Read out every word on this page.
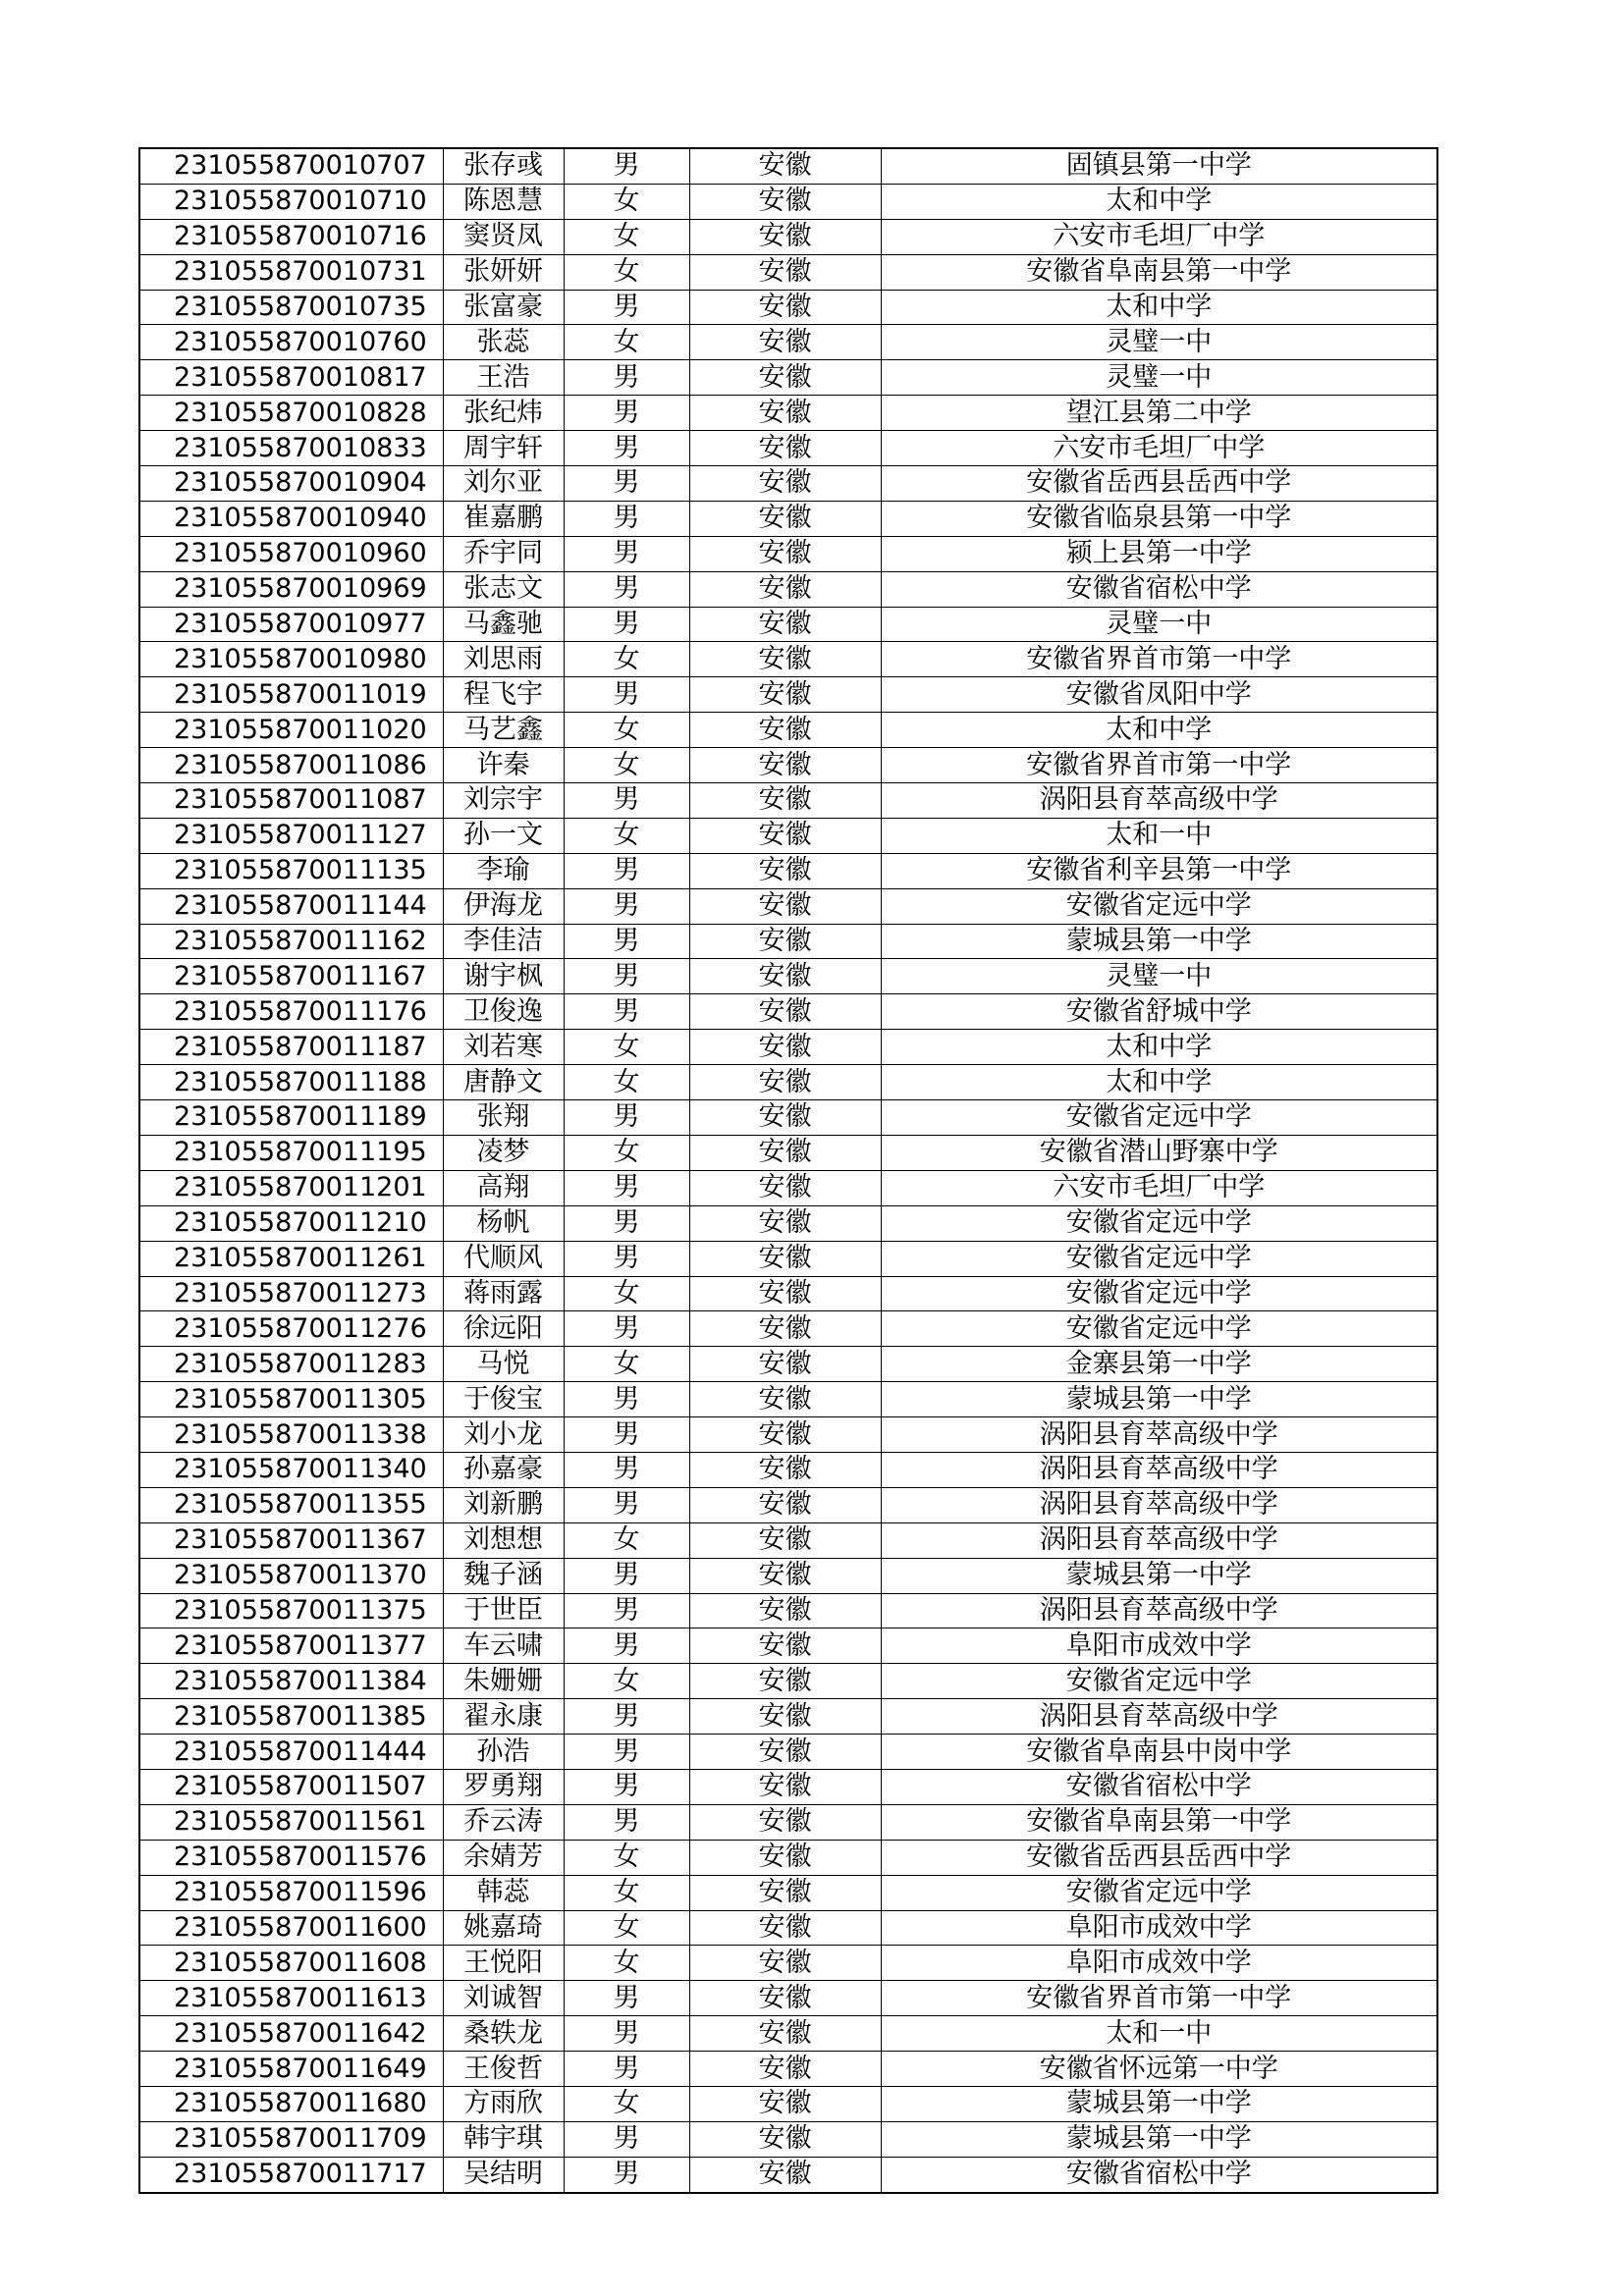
231055870010707	张存彧	男	安徽	固镇县第一中学
231055870010710	陈恩慧	女	安徽	太和中学
231055870010716	窦贤凤	女	安徽	六安市毛坦厂中学
231055870010731	张妍妍	女	安徽	安徽省阜南县第一中学
231055870010735	张富豪	男	安徽	太和中学
231055870010760	张蕊	女	安徽	灵璧一中
231055870010817	王浩	男	安徽	灵璧一中
231055870010828	张纪炜	男	安徽	望江县第二中学
231055870010833	周宇轩	男	安徽	六安市毛坦厂中学
231055870010904	刘尔亚	男	安徽	安徽省岳西县岳西中学
231055870010940	崔嘉鹏	男	安徽	安徽省临泉县第一中学
231055870010960	乔宇同	男	安徽	颍上县第一中学
231055870010969	张志文	男	安徽	安徽省宿松中学
231055870010977	马鑫驰	男	安徽	灵璧一中
231055870010980	刘思雨	女	安徽	安徽省界首市第一中学
231055870011019	程飞宇	男	安徽	安徽省凤阳中学
231055870011020	马艺鑫	女	安徽	太和中学
231055870011086	许秦	女	安徽	安徽省界首市第一中学
231055870011087	刘宗宇	男	安徽	涡阳县育萃高级中学
231055870011127	孙一文	女	安徽	太和一中
231055870011135	李瑜	男	安徽	安徽省利辛县第一中学
231055870011144	伊海龙	男	安徽	安徽省定远中学
231055870011162	李佳洁	男	安徽	蒙城县第一中学
231055870011167	谢宇枫	男	安徽	灵璧一中
231055870011176	卫俊逸	男	安徽	安徽省舒城中学
231055870011187	刘若寒	女	安徽	太和中学
231055870011188	唐静文	女	安徽	太和中学
231055870011189	张翔	男	安徽	安徽省定远中学
231055870011195	凌梦	女	安徽	安徽省潜山野寨中学
231055870011201	高翔	男	安徽	六安市毛坦厂中学
231055870011210	杨帆	男	安徽	安徽省定远中学
231055870011261	代顺风	男	安徽	安徽省定远中学
231055870011273	蒋雨露	女	安徽	安徽省定远中学
231055870011276	徐远阳	男	安徽	安徽省定远中学
231055870011283	马悦	女	安徽	金寨县第一中学
231055870011305	于俊宝	男	安徽	蒙城县第一中学
231055870011338	刘小龙	男	安徽	涡阳县育萃高级中学
231055870011340	孙嘉豪	男	安徽	涡阳县育萃高级中学
231055870011355	刘新鹏	男	安徽	涡阳县育萃高级中学
231055870011367	刘想想	女	安徽	涡阳县育萃高级中学
231055870011370	魏子涵	男	安徽	蒙城县第一中学
231055870011375	于世臣	男	安徽	涡阳县育萃高级中学
231055870011377	车云啸	男	安徽	阜阳市成效中学
231055870011384	朱姗姗	女	安徽	安徽省定远中学
231055870011385	翟永康	男	安徽	涡阳县育萃高级中学
231055870011444	孙浩	男	安徽	安徽省阜南县中岗中学
231055870011507	罗勇翔	男	安徽	安徽省宿松中学
231055870011561	乔云涛	男	安徽	安徽省阜南县第一中学
231055870011576	余婧芳	女	安徽	安徽省岳西县岳西中学
231055870011596	韩蕊	女	安徽	安徽省定远中学
231055870011600	姚嘉琦	女	安徽	阜阳市成效中学
231055870011608	王悦阳	女	安徽	阜阳市成效中学
231055870011613	刘诚智	男	安徽	安徽省界首市第一中学
231055870011642	桑轶龙	男	安徽	太和一中
231055870011649	王俊哲	男	安徽	安徽省怀远第一中学
231055870011680	方雨欣	女	安徽	蒙城县第一中学
231055870011709	韩宇琪	男	安徽	蒙城县第一中学
231055870011717	吴结明	男	安徽	安徽省宿松中学
